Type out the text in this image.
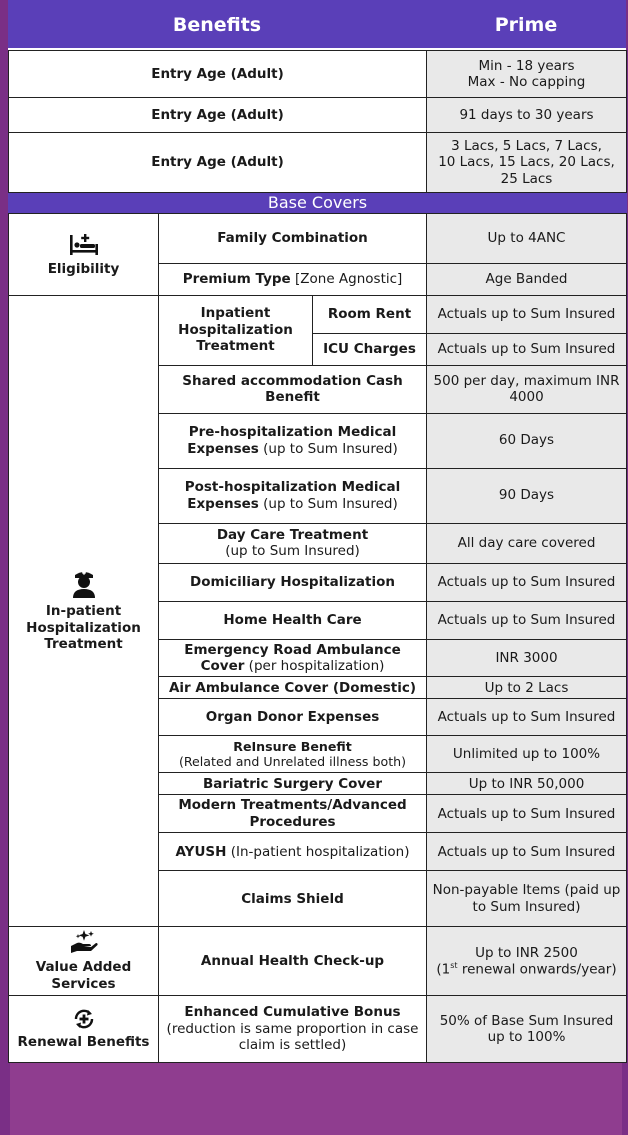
Benefits	Prime
Entry Age (Adult)			Min - 18 years
Max - No capping
Entry Age (Adult)			91 days to 30 years
Entry Age (Adult)			3 Lacs, 5 Lacs, 7 Lacs,
10 Lacs, 15 Lacs, 20 Lacs,
25 Lacs
Base Covers			

Eligibility	Family Combination		Up to 4ANC
	Premium Type [Zone Agnostic]		Age Banded

In-patient Hospitalization Treatment	Inpatient Hospitalization Treatment	Room Rent	Actuals up to Sum Insured
		ICU Charges	Actuals up to Sum Insured
	Shared accommodation Cash Benefit		500 per day, maximum INR 4000
	Pre-hospitalization Medical Expenses (up to Sum Insured)		60 Days
	Post-hospitalization Medical Expenses (up to Sum Insured)		90 Days
	Day Care Treatment
(up to Sum Insured)		All day care covered
	Domiciliary Hospitalization		Actuals up to Sum Insured
	Home Health Care		Actuals up to Sum Insured
	Emergency Road Ambulance Cover (per hospitalization)		INR 3000
	Air Ambulance Cover (Domestic)		Up to 2 Lacs
	Organ Donor Expenses		Actuals up to Sum Insured
	ReInsure Benefit
(Related and Unrelated illness both)		Unlimited up to 100%
	Bariatric Surgery Cover		Up to INR 50,000
	Modern Treatments/Advanced Procedures		Actuals up to Sum Insured
	AYUSH (In-patient hospitalization)		Actuals up to Sum Insured
	Claims Shield		Non-payable Items (paid up to Sum Insured)

Value Added Services	Annual Health Check-up		Up to INR 2500
(1st renewal onwards/year)

Renewal Benefits	Enhanced Cumulative Bonus
(reduction is same proportion in case claim is settled)		50% of Base Sum Insured up to 100%
